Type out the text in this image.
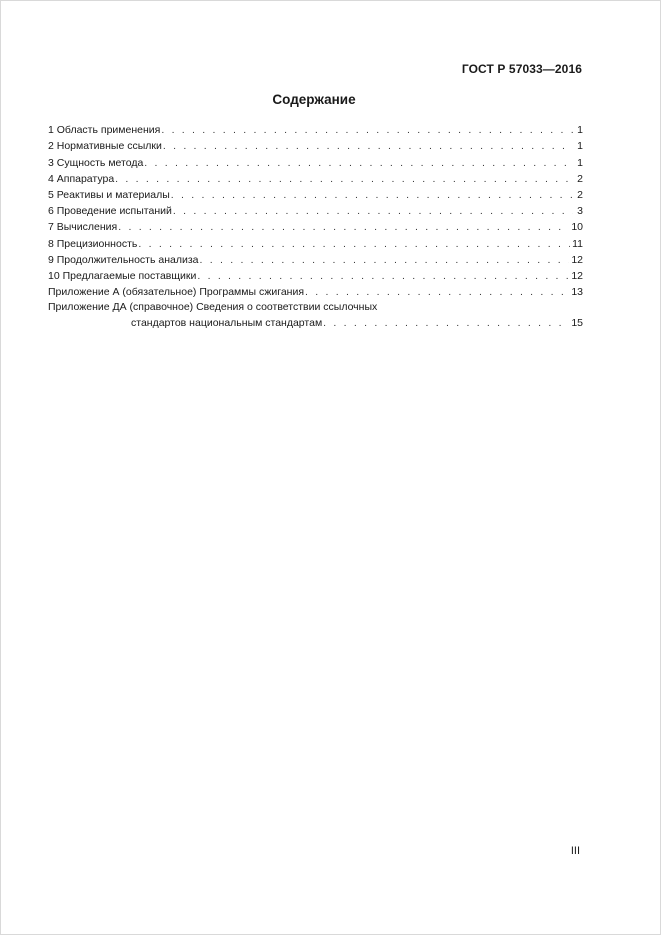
ГОСТ Р 57033—2016
Содержание
1 Область применения . . .	1
2 Нормативные ссылки . . .	1
3 Сущность метода . . .	1
4 Аппаратура . . .	2
5 Реактивы и материалы . . .	2
6 Проведение испытаний . . .	3
7 Вычисления . . .	10
8 Прецизионность . . .	11
9 Продолжительность анализа . . .	12
10 Предлагаемые поставщики . . .	12
Приложение А (обязательное) Программы сжигания . . .	13
Приложение ДА (справочное) Сведения о соответствии ссылочных
стандартов национальным стандартам . . .	15
III
